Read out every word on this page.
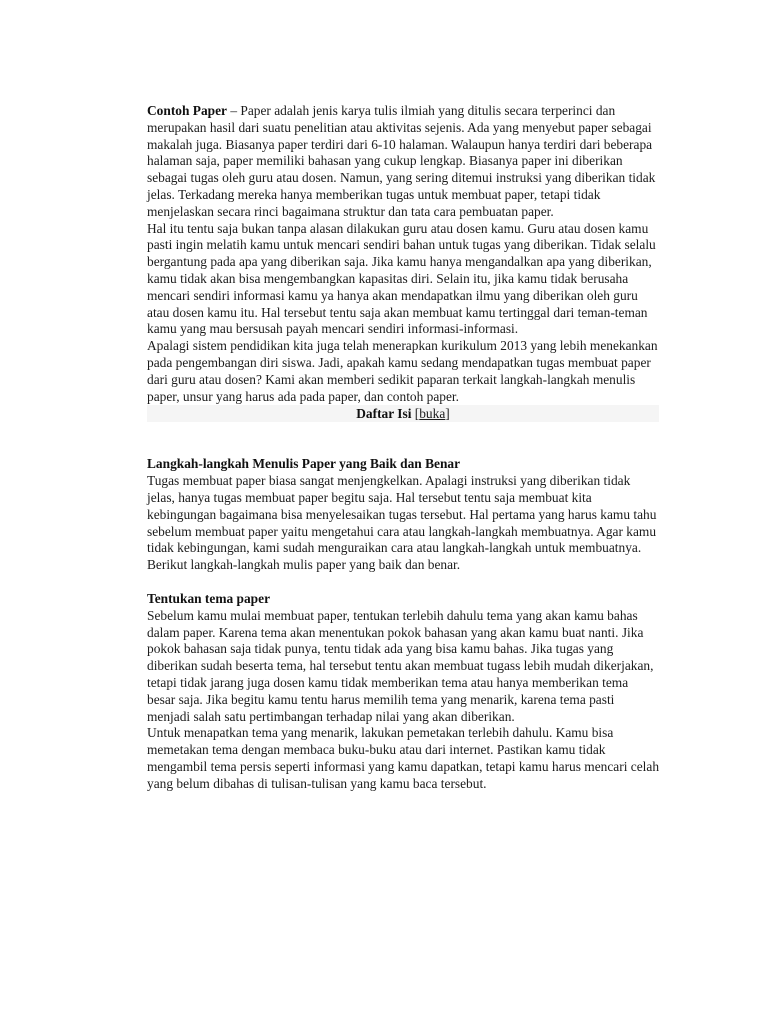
Contoh Paper – Paper adalah jenis karya tulis ilmiah yang ditulis secara terperinci dan merupakan hasil dari suatu penelitian atau aktivitas sejenis. Ada yang menyebut paper sebagai makalah juga. Biasanya paper terdiri dari 6-10 halaman. Walaupun hanya terdiri dari beberapa halaman saja, paper memiliki bahasan yang cukup lengkap. Biasanya paper ini diberikan sebagai tugas oleh guru atau dosen. Namun, yang sering ditemui instruksi yang diberikan tidak jelas. Terkadang mereka hanya memberikan tugas untuk membuat paper, tetapi tidak menjelaskan secara rinci bagaimana struktur dan tata cara pembuatan paper.

Hal itu tentu saja bukan tanpa alasan dilakukan guru atau dosen kamu. Guru atau dosen kamu pasti ingin melatih kamu untuk mencari sendiri bahan untuk tugas yang diberikan. Tidak selalu bergantung pada apa yang diberikan saja. Jika kamu hanya mengandalkan apa yang diberikan, kamu tidak akan bisa mengembangkan kapasitas diri. Selain itu, jika kamu tidak berusaha mencari sendiri informasi kamu ya hanya akan mendapatkan ilmu yang diberikan oleh guru atau dosen kamu itu. Hal tersebut tentu saja akan membuat kamu tertinggal dari teman-teman kamu yang mau bersusah payah mencari sendiri informasi-informasi.

Apalagi sistem pendidikan kita juga telah menerapkan kurikulum 2013 yang lebih menekankan pada pengembangan diri siswa. Jadi, apakah kamu sedang mendapatkan tugas membuat paper dari guru atau dosen? Kami akan memberi sedikit paparan terkait langkah-langkah menulis paper, unsur yang harus ada pada paper, dan contoh paper.

Daftar Isi [buka]

Langkah-langkah Menulis Paper yang Baik dan Benar

Tugas membuat paper biasa sangat menjengkelkan. Apalagi instruksi yang diberikan tidak jelas, hanya tugas membuat paper begitu saja. Hal tersebut tentu saja membuat kita kebingungan bagaimana bisa menyelesaikan tugas tersebut. Hal pertama yang harus kamu tahu sebelum membuat paper yaitu mengetahui cara atau langkah-langkah membuatnya. Agar kamu tidak kebingungan, kami sudah menguraikan cara atau langkah-langkah untuk membuatnya. Berikut langkah-langkah mulis paper yang baik dan benar.

Tentukan tema paper

Sebelum kamu mulai membuat paper, tentukan terlebih dahulu tema yang akan kamu bahas dalam paper. Karena tema akan menentukan pokok bahasan yang akan kamu buat nanti. Jika pokok bahasan saja tidak punya, tentu tidak ada yang bisa kamu bahas. Jika tugas yang diberikan sudah beserta tema, hal tersebut tentu akan membuat tugass lebih mudah dikerjakan, tetapi tidak jarang juga dosen kamu tidak memberikan tema atau hanya memberikan tema besar saja. Jika begitu kamu tentu harus memilih tema yang menarik, karena tema pasti menjadi salah satu pertimbangan terhadap nilai yang akan diberikan.

Untuk menapatkan tema yang menarik, lakukan pemetakan terlebih dahulu. Kamu bisa memetakan tema dengan membaca buku-buku atau dari internet. Pastikan kamu tidak mengambil tema persis seperti informasi yang kamu dapatkan, tetapi kamu harus mencari celah yang belum dibahas di tulisan-tulisan yang kamu baca tersebut.
